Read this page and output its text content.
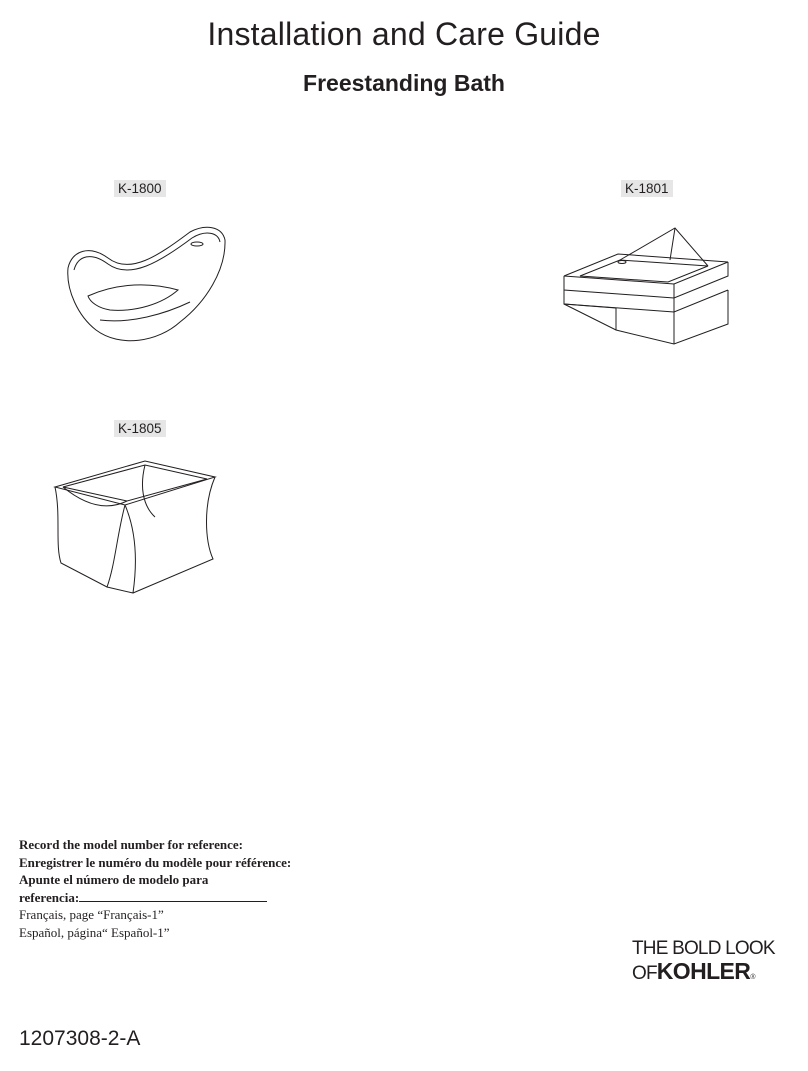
Installation and Care Guide
Freestanding Bath
K-1800	K-1801
K-1805
Record the model number for reference:
Enregistrer le numéro du modèle pour référence:
Apunte el número de modelo para
referencia:
Français, page “Français-1”
Español, página“ Español-1”
THE BOLD LOOK
OFKOHLER®
1207308-2-A
